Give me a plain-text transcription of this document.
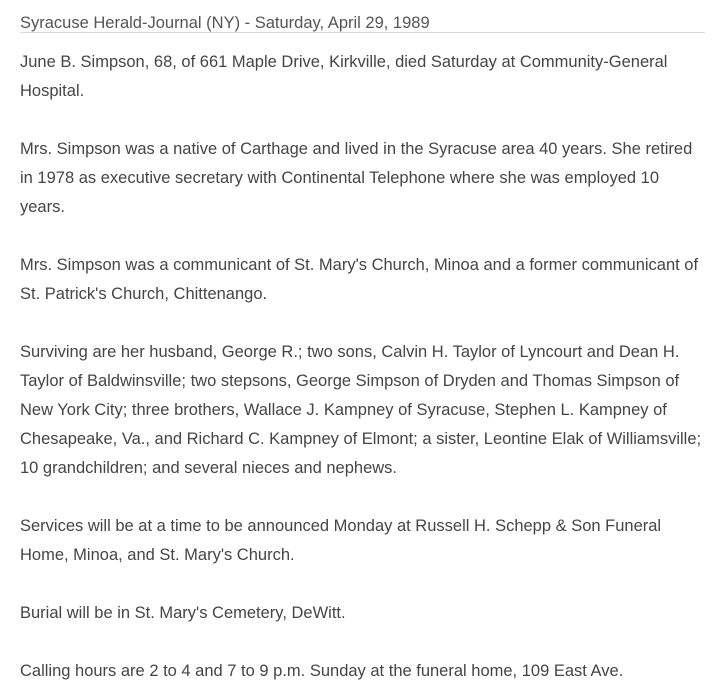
Syracuse Herald-Journal (NY) - Saturday, April 29, 1989

June B. Simpson, 68, of 661 Maple Drive, Kirkville, died Saturday at Community-General Hospital.

Mrs. Simpson was a native of Carthage and lived in the Syracuse area 40 years. She retired in 1978 as executive secretary with Continental Telephone where she was employed 10 years.

Mrs. Simpson was a communicant of St. Mary's Church, Minoa and a former communicant of St. Patrick's Church, Chittenango.

Surviving are her husband, George R.; two sons, Calvin H. Taylor of Lyncourt and Dean H. Taylor of Baldwinsville; two stepsons, George Simpson of Dryden and Thomas Simpson of New York City; three brothers, Wallace J. Kampney of Syracuse, Stephen L. Kampney of Chesapeake, Va., and Richard C. Kampney of Elmont; a sister, Leontine Elak of Williamsville; 10 grandchildren; and several nieces and nephews.

Services will be at a time to be announced Monday at Russell H. Schepp & Son Funeral Home, Minoa, and St. Mary's Church.

Burial will be in St. Mary's Cemetery, DeWitt.

Calling hours are 2 to 4 and 7 to 9 p.m. Sunday at the funeral home, 109 East Ave.
